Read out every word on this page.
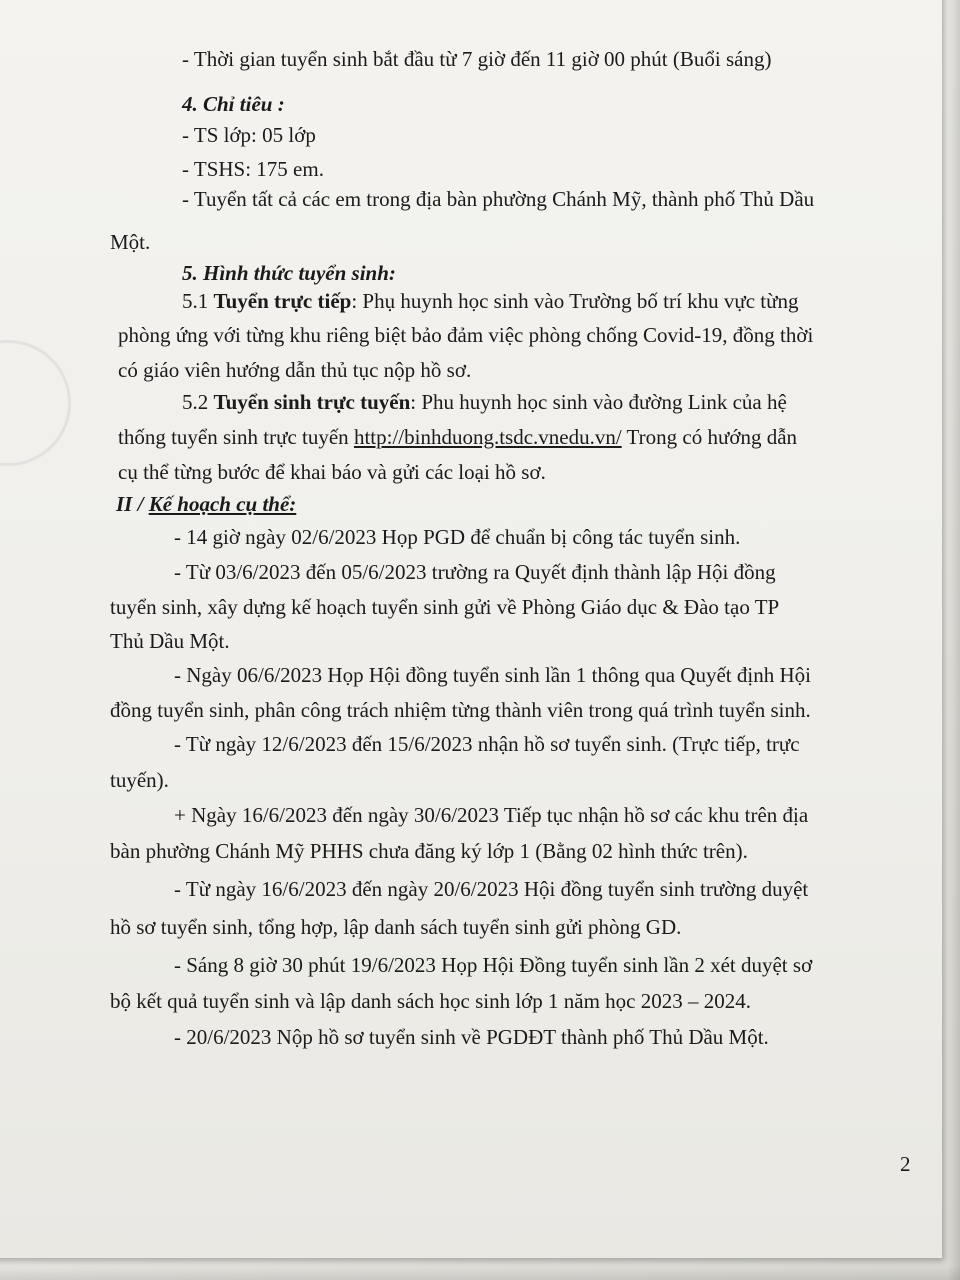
- Thời gian tuyển sinh bắt đầu từ 7 giờ đến 11 giờ 00 phút (Buổi sáng)
4. Chỉ tiêu :
- TS lớp: 05 lớp
- TSHS: 175 em.
- Tuyển tất cả các em trong địa bàn phường Chánh Mỹ, thành phố Thủ Dầu
Một.
5. Hình thức tuyển sinh:
5.1 Tuyển trực tiếp: Phụ huynh học sinh vào Trường bố trí khu vực từng
phòng ứng với từng khu riêng biệt bảo đảm việc phòng chống Covid-19, đồng thời
có giáo viên hướng dẫn thủ tục nộp hồ sơ.
5.2 Tuyển sinh trực tuyến: Phu huynh học sinh vào đường Link của hệ
thống tuyển sinh trực tuyến http://binhduong.tsdc.vnedu.vn/ Trong có hướng dẫn
cụ thể từng bước để khai báo và gửi các loại hồ sơ.
II / Kế hoạch cụ thể:
- 14 giờ ngày 02/6/2023 Họp PGD để chuẩn bị công tác tuyển sinh.
- Từ 03/6/2023 đến 05/6/2023 trường ra Quyết định thành lập Hội đồng
tuyển sinh, xây dựng kế hoạch tuyển sinh gửi về Phòng Giáo dục & Đào tạo TP
Thủ Dầu Một.
- Ngày 06/6/2023 Họp Hội đồng tuyển sinh lần 1 thông qua Quyết định Hội
đồng tuyển sinh, phân công trách nhiệm từng thành viên trong quá trình tuyển sinh.
- Từ ngày 12/6/2023 đến 15/6/2023 nhận hồ sơ tuyển sinh. (Trực tiếp, trực
tuyến).
+ Ngày 16/6/2023 đến ngày 30/6/2023 Tiếp tục nhận hồ sơ các khu trên địa
bàn phường Chánh Mỹ PHHS chưa đăng ký lớp 1 (Bằng 02 hình thức trên).
- Từ ngày 16/6/2023 đến ngày 20/6/2023 Hội đồng tuyển sinh trường duyệt
hồ sơ tuyển sinh, tổng hợp, lập danh sách tuyển sinh gửi phòng GD.
- Sáng 8 giờ 30 phút 19/6/2023 Họp Hội Đồng tuyển sinh lần 2 xét duyệt sơ
bộ kết quả tuyển sinh và lập danh sách học sinh lớp 1 năm học 2023 – 2024.
- 20/6/2023 Nộp hồ sơ tuyển sinh về PGDĐT thành phố Thủ Dầu Một.
2
